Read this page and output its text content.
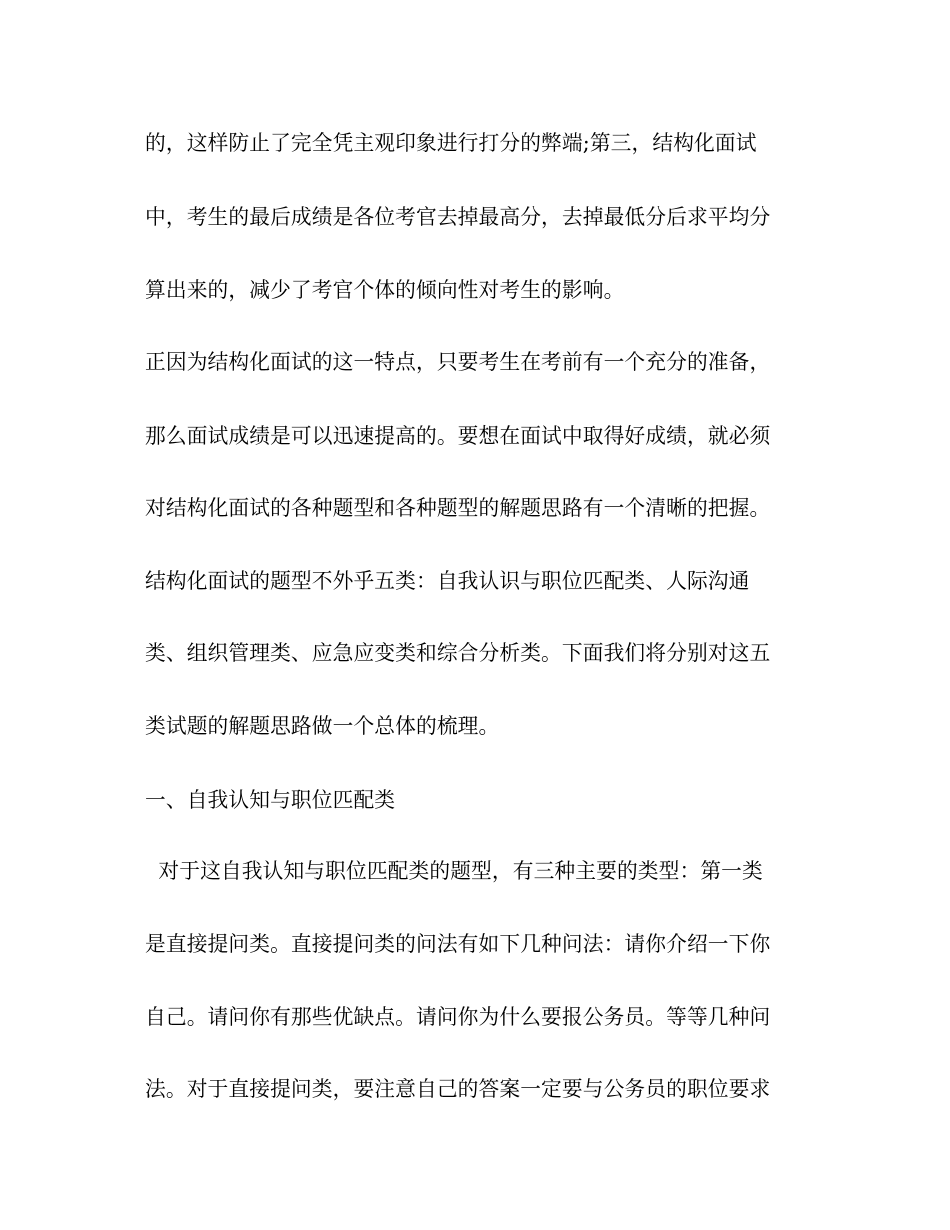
的，这样防止了完全凭主观印象进行打分的弊端;第三，结构化面试
中，考生的最后成绩是各位考官去掉最高分，去掉最低分后求平均分
算出来的，减少了考官个体的倾向性对考生的影响。
正因为结构化面试的这一特点，只要考生在考前有一个充分的准备，
那么面试成绩是可以迅速提高的。要想在面试中取得好成绩，就必须
对结构化面试的各种题型和各种题型的解题思路有一个清晰的把握。
结构化面试的题型不外乎五类：自我认识与职位匹配类、人际沟通
类、组织管理类、应急应变类和综合分析类。下面我们将分别对这五
类试题的解题思路做一个总体的梳理。
一、自我认知与职位匹配类
对于这自我认知与职位匹配类的题型，有三种主要的类型：第一类
是直接提问类。直接提问类的问法有如下几种问法：请你介绍一下你
自己。请问你有那些优缺点。请问你为什么要报公务员。等等几种问
法。对于直接提问类，要注意自己的答案一定要与公务员的职位要求
